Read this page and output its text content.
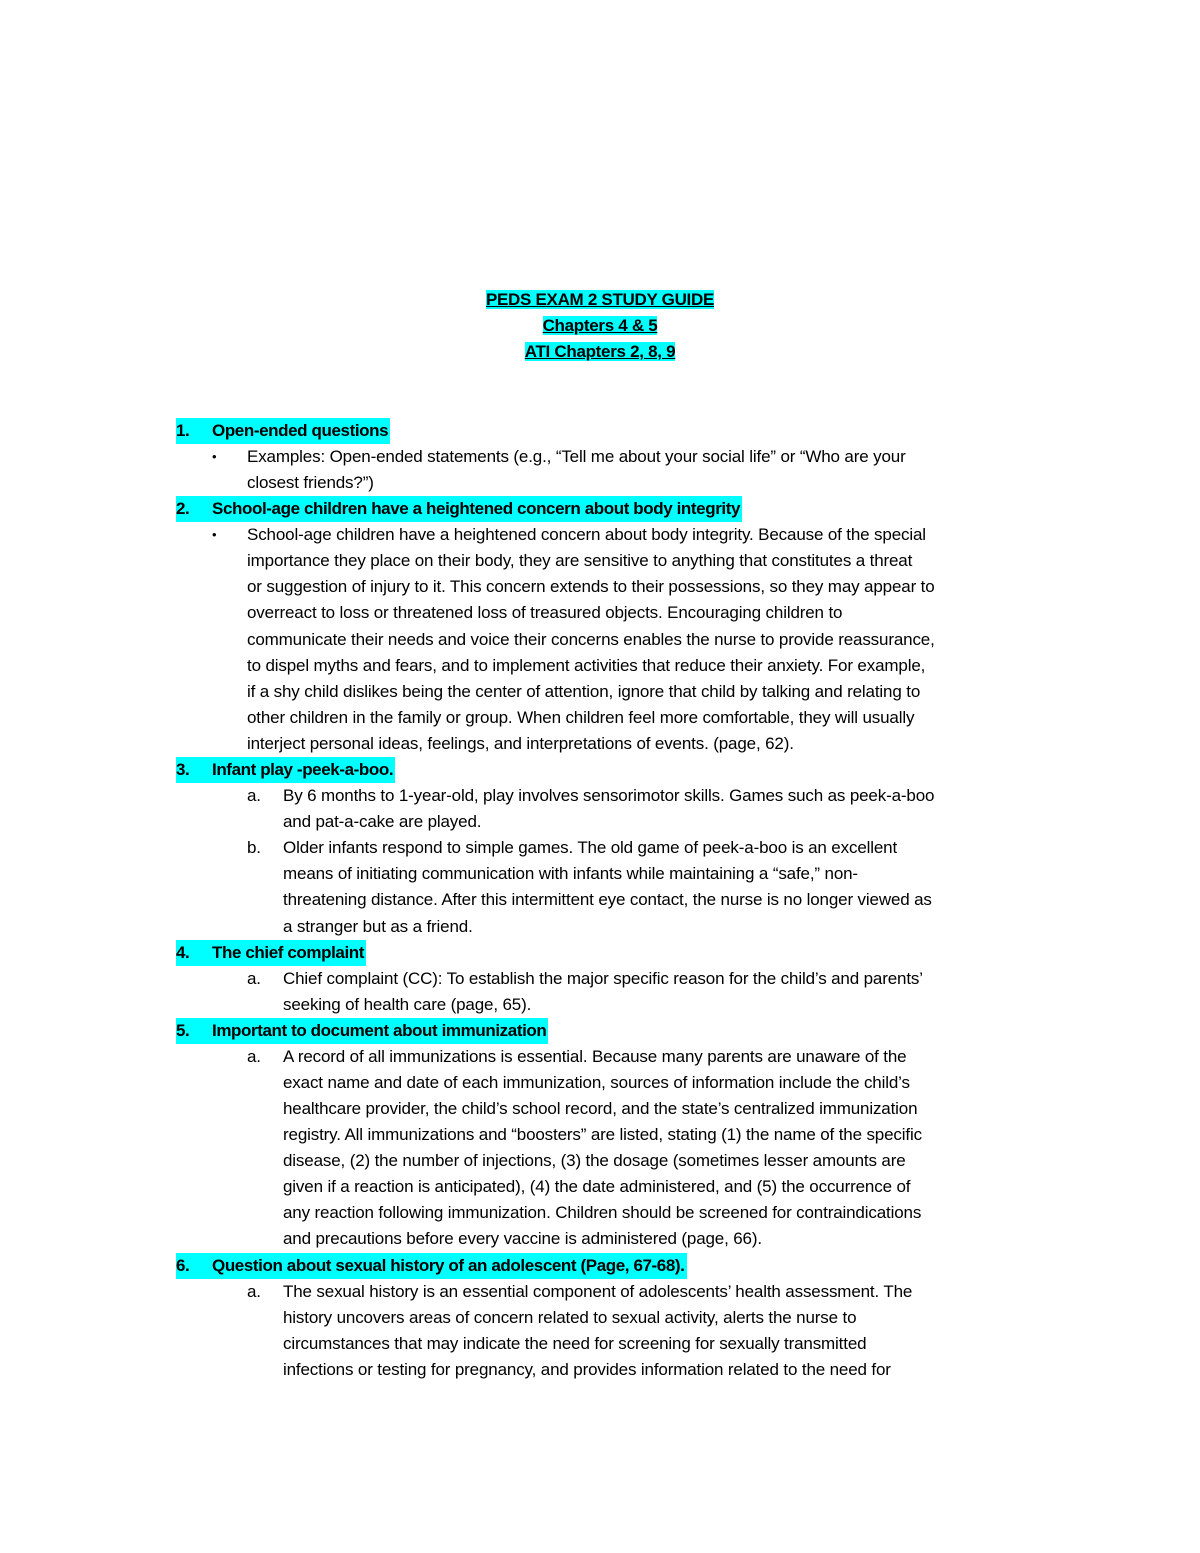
PEDS EXAM 2 STUDY GUIDE
Chapters 4 & 5
ATI Chapters 2, 8, 9
1. Open-ended questions
• Examples: Open-ended statements (e.g., “Tell me about your social life” or “Who are your
closest friends?”)
2. School-age children have a heightened concern about body integrity
• School-age children have a heightened concern about body integrity. Because of the special
importance they place on their body, they are sensitive to anything that constitutes a threat
or suggestion of injury to it. This concern extends to their possessions, so they may appear to
overreact to loss or threatened loss of treasured objects. Encouraging children to
communicate their needs and voice their concerns enables the nurse to provide reassurance,
to dispel myths and fears, and to implement activities that reduce their anxiety. For example,
if a shy child dislikes being the center of attention, ignore that child by talking and relating to
other children in the family or group. When children feel more comfortable, they will usually
interject personal ideas, feelings, and interpretations of events. (page, 62).
3. Infant play -peek-a-boo.
a. By 6 months to 1-year-old, play involves sensorimotor skills. Games such as peek-a-boo
and pat-a-cake are played.
b. Older infants respond to simple games. The old game of peek-a-boo is an excellent
means of initiating communication with infants while maintaining a “safe,” non-
threatening distance. After this intermittent eye contact, the nurse is no longer viewed as
a stranger but as a friend.
4. The chief complaint
a. Chief complaint (CC): To establish the major specific reason for the child’s and parents’
seeking of health care (page, 65).
5. Important to document about immunization
a. A record of all immunizations is essential. Because many parents are unaware of the
exact name and date of each immunization, sources of information include the child’s
healthcare provider, the child’s school record, and the state’s centralized immunization
registry. All immunizations and “boosters” are listed, stating (1) the name of the specific
disease, (2) the number of injections, (3) the dosage (sometimes lesser amounts are
given if a reaction is anticipated), (4) the date administered, and (5) the occurrence of
any reaction following immunization. Children should be screened for contraindications
and precautions before every vaccine is administered (page, 66).
6. Question about sexual history of an adolescent (Page, 67-68).
a. The sexual history is an essential component of adolescents’ health assessment. The
history uncovers areas of concern related to sexual activity, alerts the nurse to
circumstances that may indicate the need for screening for sexually transmitted
infections or testing for pregnancy, and provides information related to the need for
